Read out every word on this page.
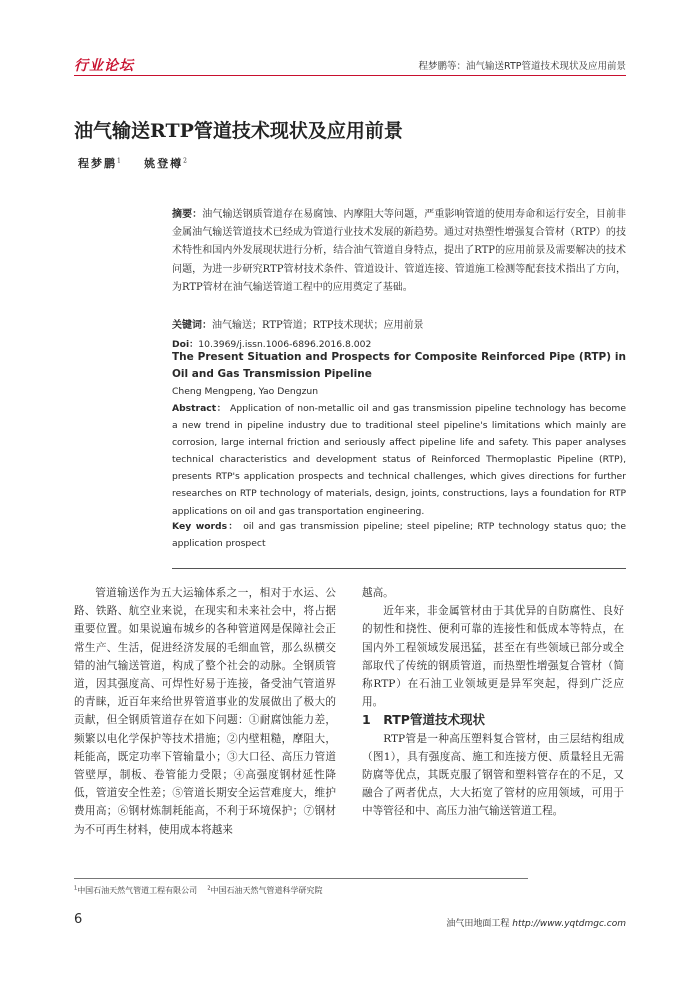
行业论坛	程梦鹏等：油气输送RTP管道技术现状及应用前景
油气输送RTP管道技术现状及应用前景
程梦鹏$^1$ 姚登樽$^2$
摘要：油气输送钢质管道存在易腐蚀、内摩阻大等问题，严重影响管道的使用寿命和运行安全，目前非金属油气输送管道技术已经成为管道行业技术发展的新趋势。通过对热塑性增强复合管材（RTP）的技术特性和国内外发展现状进行分析，结合油气管道自身特点，提出了RTP的应用前景及需要解决的技术问题，为进一步研究RTP管材技术条件、管道设计、管道连接、管道施工检测等配套技术指出了方向，为RTP管材在油气输送管道工程中的应用奠定了基础。
关键词：油气输送；RTP管道；RTP技术现状；应用前景
Doi：10.3969/j.issn.1006-6896.2016.8.002
The Present Situation and Prospects for Composite Reinforced Pipe (RTP) in Oil and Gas Transmission Pipeline
Cheng Mengpeng, Yao Dengzun
Abstract： Application of non-metallic oil and gas transmission pipeline technology has become a new trend in pipeline industry due to traditional steel pipeline's limitations which mainly are corrosion, large internal friction and seriously affect pipeline life and safety. This paper analyses technical characteristics and development status of Reinforced Thermoplastic Pipeline (RTP), presents RTP's application prospects and technical challenges, which gives directions for further researches on RTP technology of materials, design, joints, constructions, lays a foundation for RTP applications on oil and gas transportation engineering.
Key words： oil and gas transmission pipeline; steel pipeline; RTP technology status quo; the application prospect

管道输送作为五大运输体系之一，相对于水运、公路、铁路、航空业来说，在现实和未来社会中，将占据重要位置。如果说遍布城乡的各种管道网是保障社会正常生产、生活，促进经济发展的毛细血管，那么纵横交错的油气输送管道，构成了整个社会的动脉。全钢质管道，因其强度高、可焊性好易于连接，备受油气管道界的青睐，近百年来给世界管道事业的发展做出了极大的贡献，但全钢质管道存在如下问题：①耐腐蚀能力差，频繁以电化学保护等技术措施；②内壁粗糙，摩阻大，耗能高，既定功率下管输量小；③大口径、高压力管道管壁厚，制板、卷管能力受限；④高强度钢材延性降低，管道安全性差；⑤管道长期安全运营难度大，维护费用高；⑥钢材炼制耗能高，不利于环境保护；⑦钢材为不可再生材料，使用成本将越来

越高。

近年来，非金属管材由于其优异的自防腐性、良好的韧性和挠性、便利可靠的连接性和低成本等特点，在国内外工程领域发展迅猛，甚至在有些领域已部分或全部取代了传统的钢质管道，而热塑性增强复合管材（简称RTP）在石油工业领域更是异军突起，得到广泛应用。

1　RTP管道技术现状

RTP管是一种高压塑料复合管材，由三层结构组成（图1），具有强度高、施工和连接方便、质量轻且无需防腐等优点，其既克服了钢管和塑料管存在的不足，又融合了两者优点，大大拓宽了管材的应用领域，可用于中等管径和中、高压力油气输送管道工程。

$^1$中国石油天然气管道工程有限公司 $^2$中国石油天然气管道科学研究院
6	油气田地面工程 http://www.yqtdmgc.com
